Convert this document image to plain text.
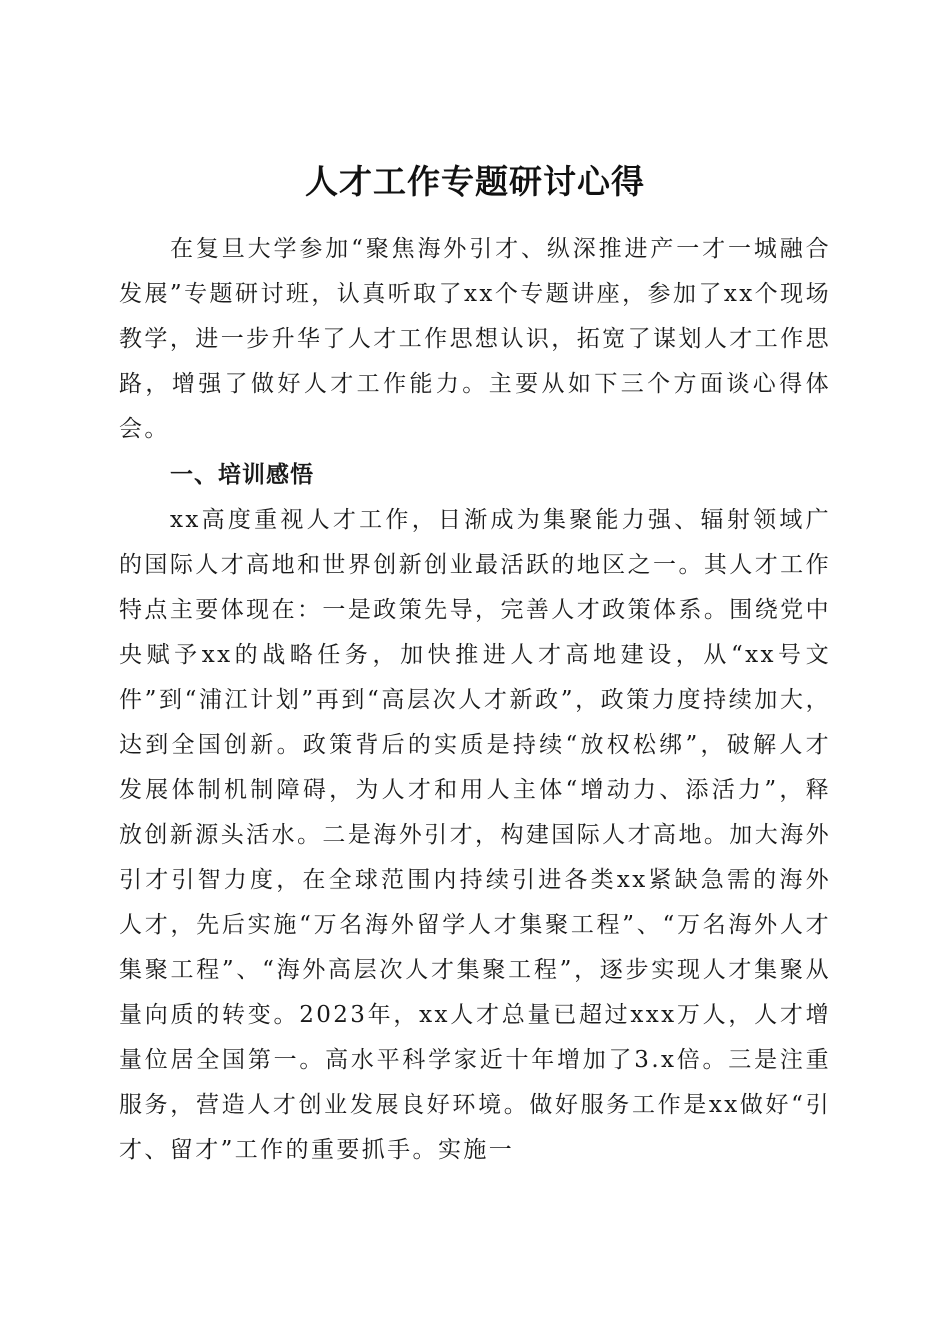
人才工作专题研讨心得

在复旦大学参加“聚焦海外引才、纵深推进产一才一城融合发展”专题研讨班，认真听取了xx个专题讲座，参加了xx个现场教学，进一步升华了人才工作思想认识，拓宽了谋划人才工作思路，增强了做好人才工作能力。主要从如下三个方面谈心得体会。

一、培训感悟

xx高度重视人才工作，日渐成为集聚能力强、辐射领域广的国际人才高地和世界创新创业最活跃的地区之一。其人才工作特点主要体现在：一是政策先导，完善人才政策体系。围绕党中央赋予xx的战略任务，加快推进人才高地建设，从“xx号文件”到“浦江计划”再到“高层次人才新政”，政策力度持续加大，达到全国创新。政策背后的实质是持续“放权松绑”，破解人才发展体制机制障碍，为人才和用人主体“增动力、添活力”，释放创新源头活水。二是海外引才，构建国际人才高地。加大海外引才引智力度，在全球范围内持续引进各类xx紧缺急需的海外人才，先后实施“万名海外留学人才集聚工程”、“万名海外人才集聚工程”、“海外高层次人才集聚工程”，逐步实现人才集聚从量向质的转变。2023年，xx人才总量已超过xxx万人，人才增量位居全国第一。高水平科学家近十年增加了3.x倍。三是注重服务，营造人才创业发展良好环境。做好服务工作是xx做好“引才、留才”工作的重要抓手。实施一
